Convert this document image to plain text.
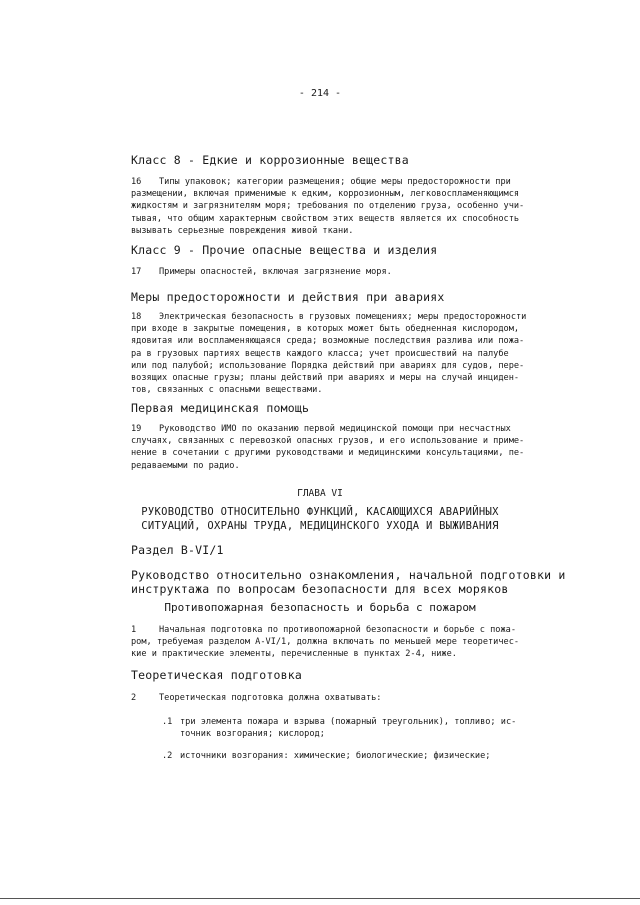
- 214 -
Класс 8 - Едкие и коррозионные вещества
16 Типы упаковок; категории размещения; общие меры предосторожности при
размещении, включая применимые к едким, коррозионным, легковоспламеняющимся
жидкостям и загрязнителям моря; требования по отделению груза, особенно учи-
тывая, что общим характерным свойством этих веществ является их способность
вызывать серьезные повреждения живой ткани.
Класс 9 - Прочие опасные вещества и изделия
17 Примеры опасностей, включая загрязнение моря.
Меры предосторожности и действия при авариях
18 Электрическая безопасность в грузовых помещениях; меры предосторожности
при входе в закрытые помещения, в которых может быть обедненная кислородом,
ядовитая или воспламеняющаяся среда; возможные последствия разлива или пожа-
ра в грузовых партиях веществ каждого класса; учет происшествий на палубе
или под палубой; использование Порядка действий при авариях для судов, пере-
возящих опасные грузы; планы действий при авариях и меры на случай инциден-
тов, связанных с опасными веществами.
Первая медицинская помощь
19 Руководство ИМО по оказанию первой медицинской помощи при несчастных
случаях, связанных с перевозкой опасных грузов, и его использование и приме-
нение в сочетании с другими руководствами и медицинскими консультациями, пе-
редаваемыми по радио.
ГЛАВА VI
РУКОВОДСТВО ОТНОСИТЕЛЬНО ФУНКЦИЙ, КАСАЮЩИХСЯ АВАРИЙНЫХ
СИТУАЦИЙ, ОХРАНЫ ТРУДА, МЕДИЦИНСКОГО УХОДА И ВЫЖИВАНИЯ
Раздел B-VI/1
Руководство относительно ознакомления, начальной подготовки и
инструктажа по вопросам безопасности для всех моряков
Противопожарная безопасность и борьба с пожаром
1	Начальная подготовка по противопожарной безопасности и борьбе с пожа-
ром, требуемая разделом A-VI/1, должна включать по меньшей мере теоретичес-
кие и практические элементы, перечисленные в пунктах 2-4, ниже.
Теоретическая подготовка
2	Теоретическая подготовка должна охватывать:
.1 три элемента пожара и взрыва (пожарный треугольник), топливо; ис-
точник возгорания; кислород;
.2 источники возгорания: химические; биологические; физические;
